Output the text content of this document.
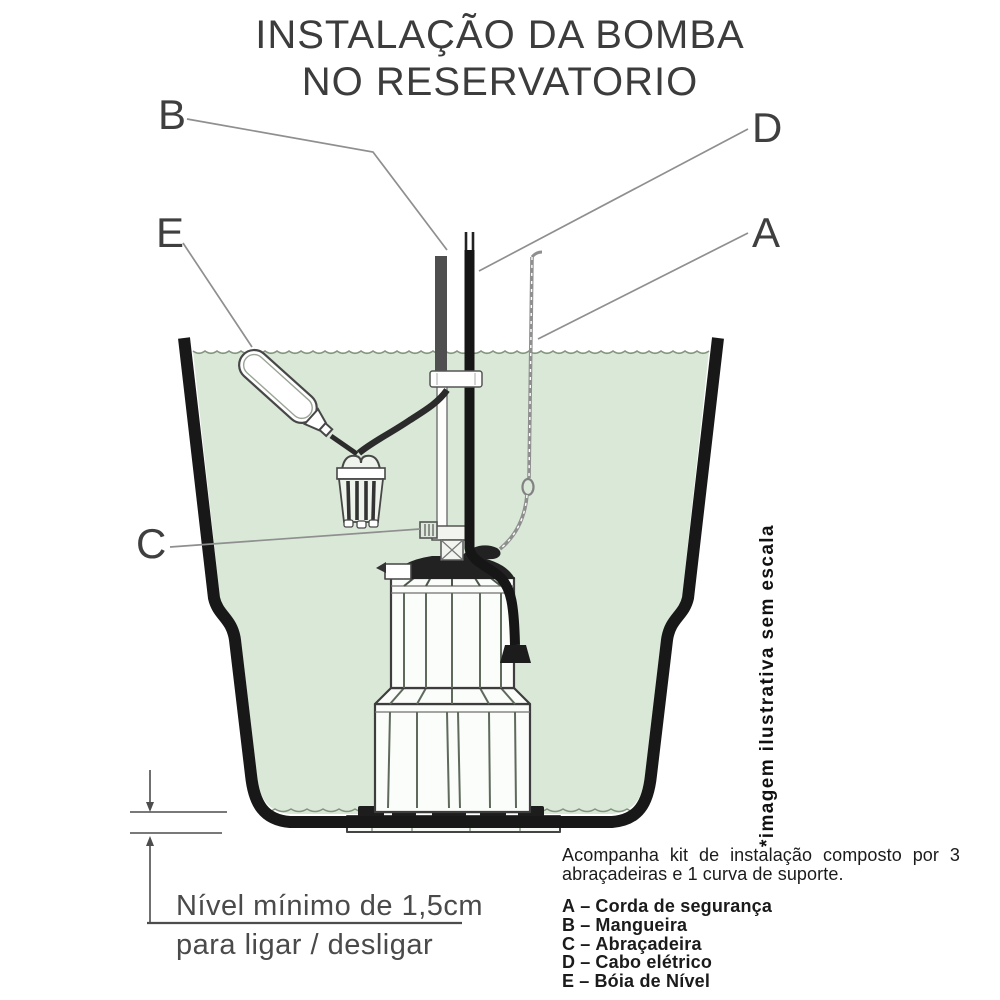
B
E
D
A
C
Nível mínimo de 1,5cm
para ligar / desligar
*imagem ilustrativa sem escala
INSTALAÇÃO DA BOMBA
NO RESERVATORIO
Acompanha kit de instalação composto por 3
abraçadeiras e 1 curva de suporte.
A – Corda de segurança
B – Mangueira
C – Abraçadeira
D – Cabo elétrico
E – Bóia de Nível
